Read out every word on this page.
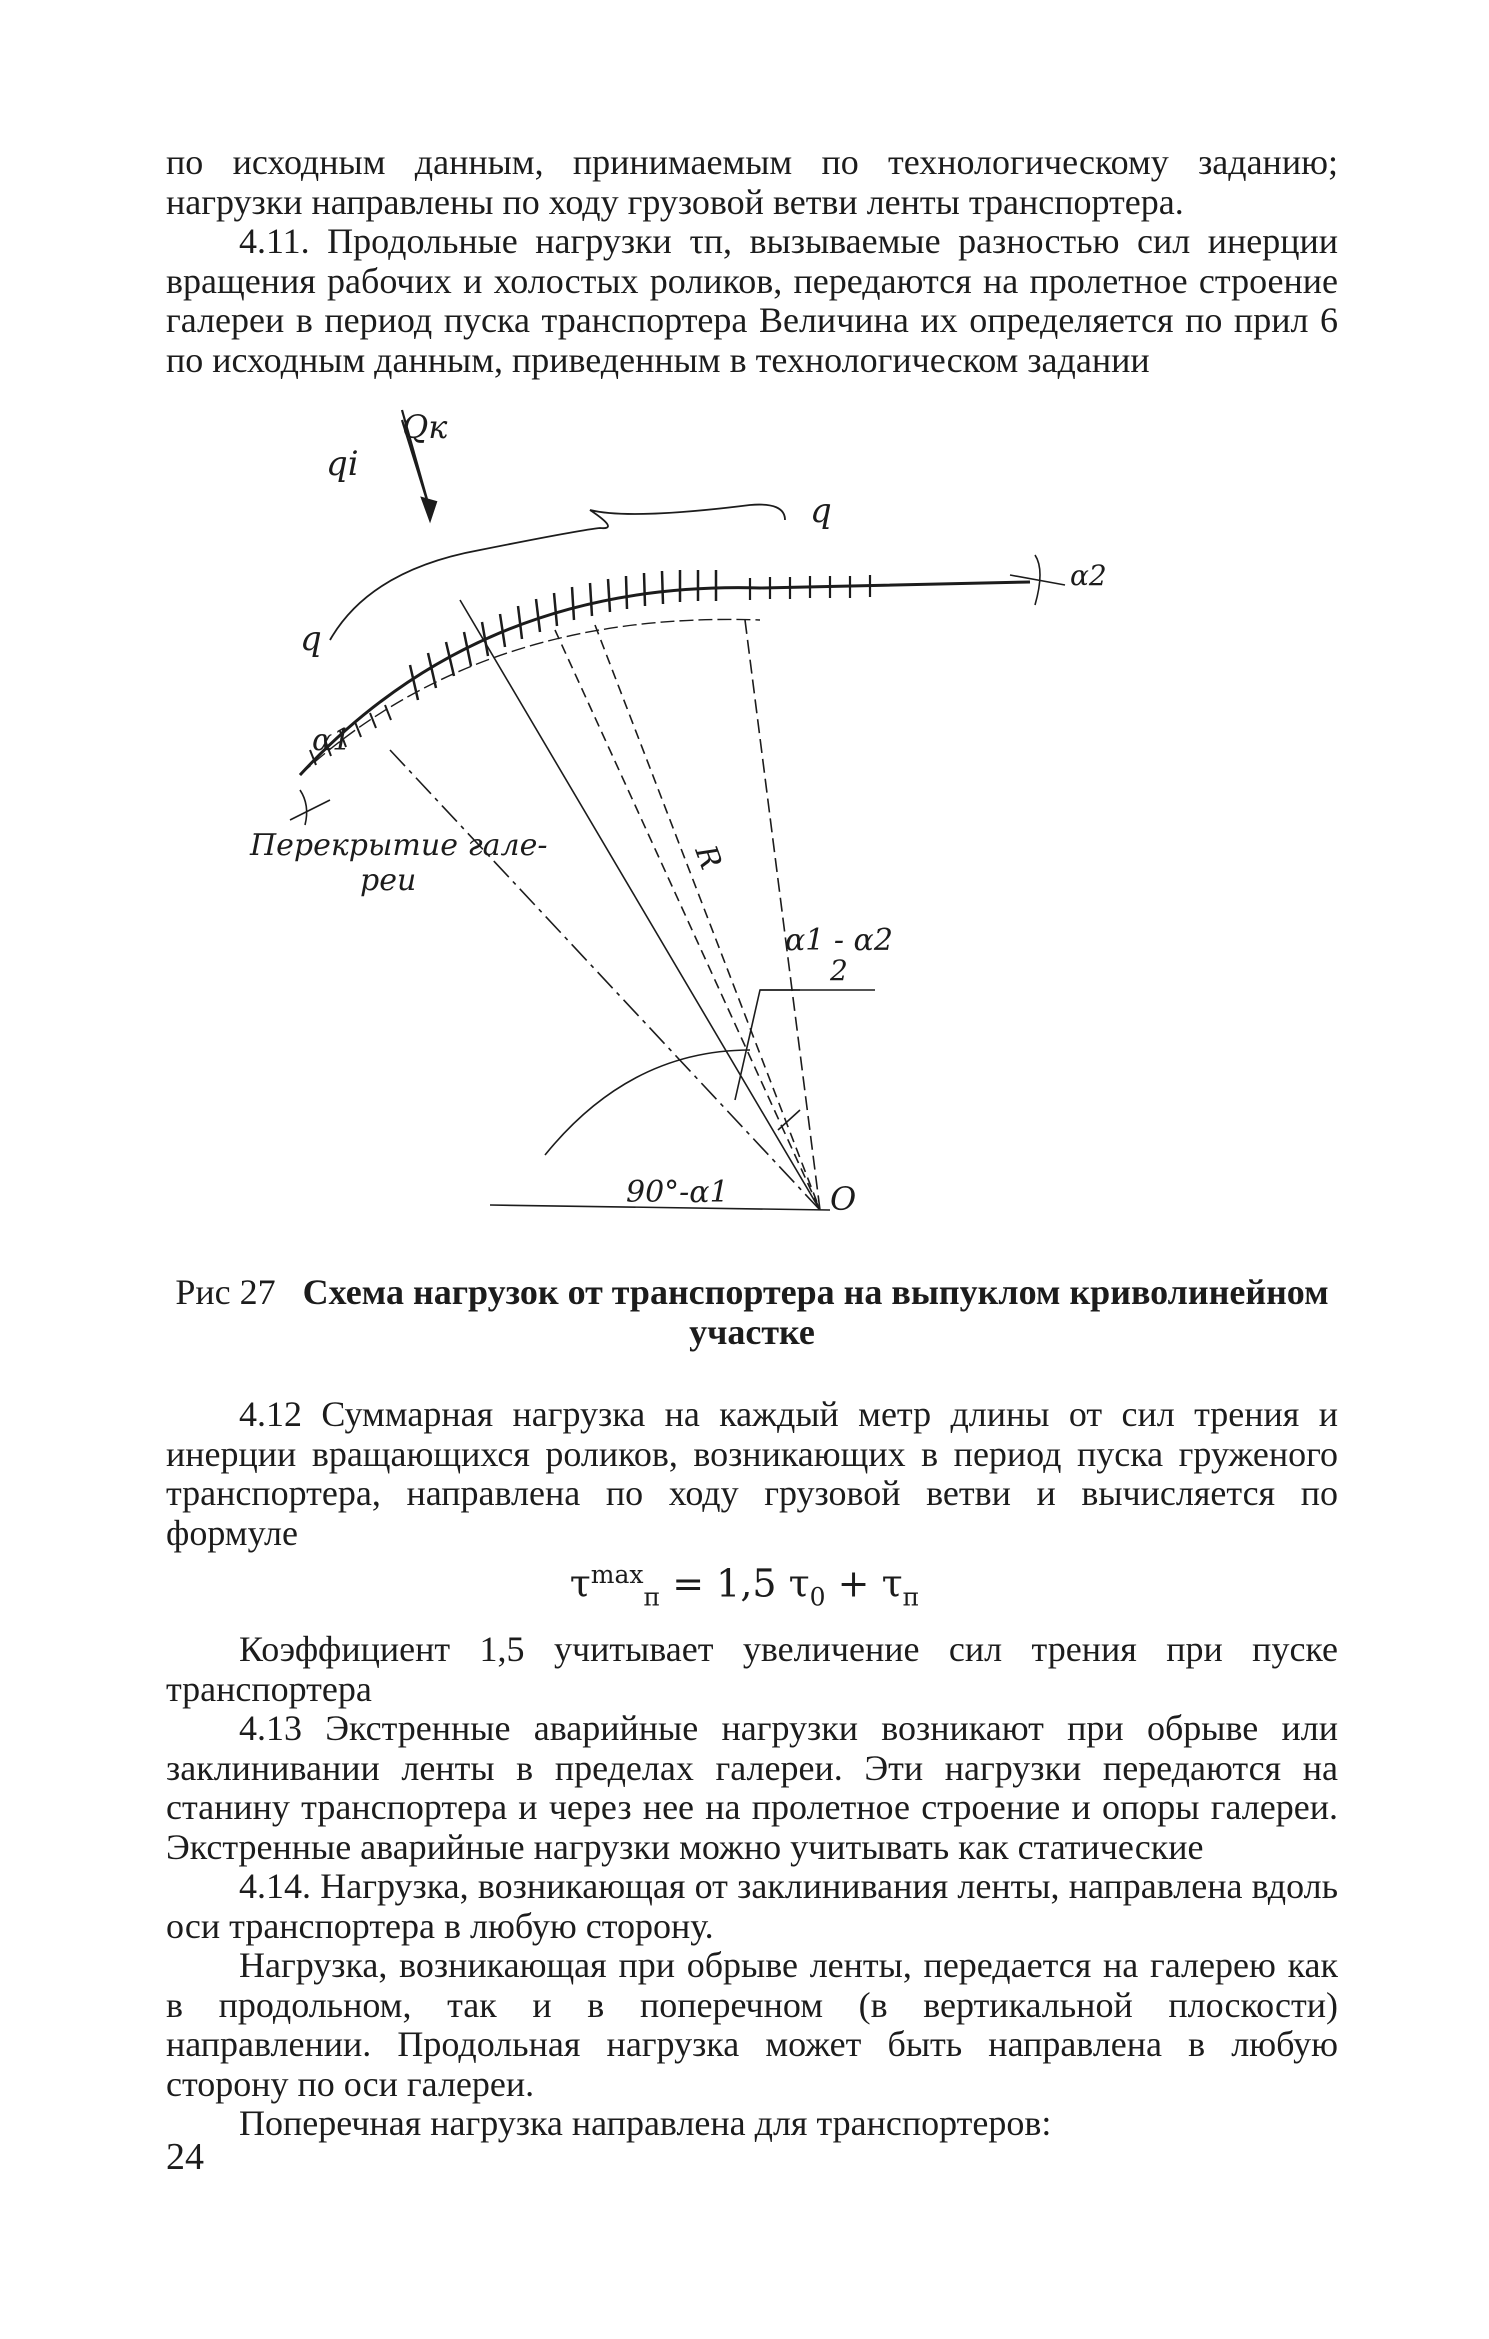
по исходным данным, принимаемым по технологическому заданию; нагрузки направлены по ходу грузовой ветви ленты транспортера.

4.11. Продольные нагрузки τп, вызываемые разностью сил инерции вращения рабочих и холостых роликов, передаются на пролетное строение галереи в период пуска транспортера Величина их определяется по прил 6 по исходным данным, приведенным в технологическом задании

Qк
qi
q
q
α1
α2
R
α1 - α2
2
90°-α1	O
Перекрытие гале-
реи
Рис 27 Схема нагрузок от транспортера на выпуклом криволинейном участке

4.12 Суммарная нагрузка на каждый метр длины от сил трения и инерции вращающихся роликов, возникающих в период пуска груженого транспортера, направлена по ходу грузовой ветви и вычисляется по формуле

$\tau^{max}_п = 1,5$ $\tau_0 + \tau_п$

Коэффициент 1,5 учитывает увеличение сил трения при пуске транспортера

4.13 Экстренные аварийные нагрузки возникают при обрыве или заклинивании ленты в пределах галереи. Эти нагрузки передаются на станину транспортера и через нее на пролетное строение и опоры галереи. Экстренные аварийные нагрузки можно учитывать как статические

4.14. Нагрузка, возникающая от заклинивания ленты, направлена вдоль оси транспортера в любую сторону.

Нагрузка, возникающая при обрыве ленты, передается на галерею как в продольном, так и в поперечном (в вертикальной плоскости) направлении. Продольная нагрузка может быть направлена в любую сторону по оси галереи.

Поперечная нагрузка направлена для транспортеров:

24
